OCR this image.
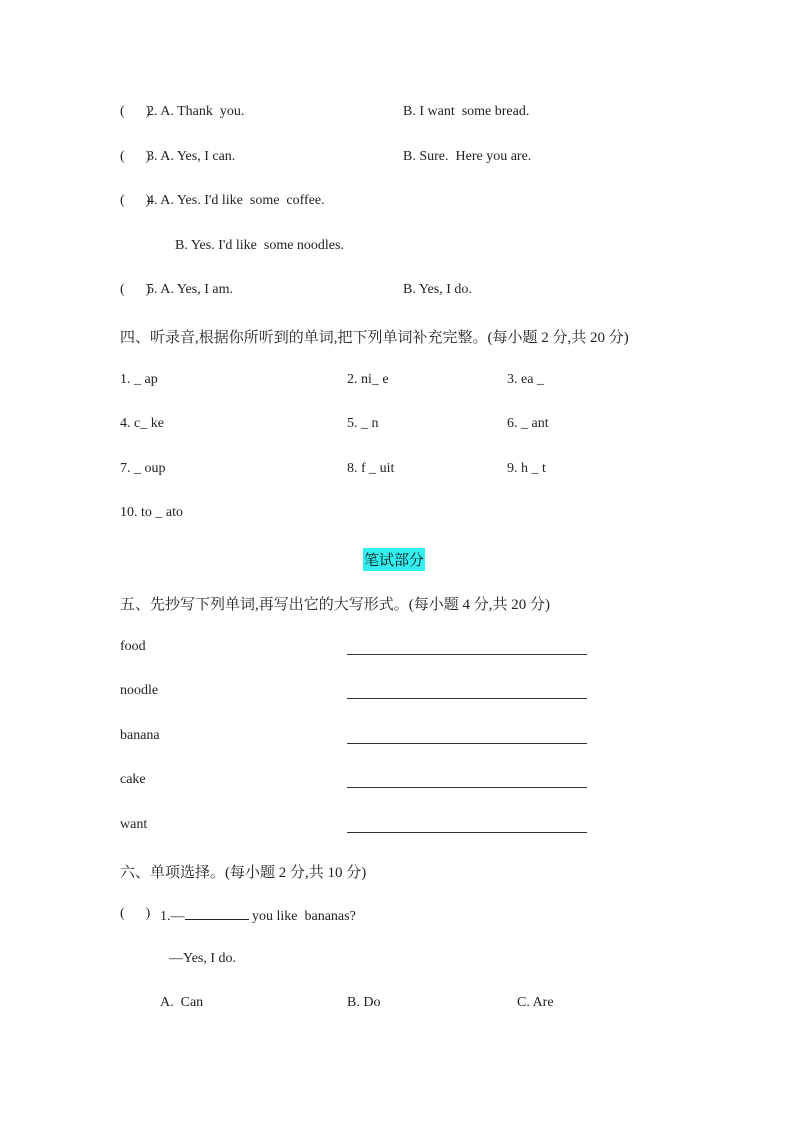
(      )
2. A. Thank  you.	B. I want  some bread.
(      )
3. A. Yes, I can.	B. Sure.  Here you are.
(      )
4. A. Yes. I'd like  some  coffee.
B. Yes. I'd like  some noodles.
(      )
5. A. Yes, I am.	B. Yes, I do.
四、听录音,根据你所听到的单词,把下列单词补充完整。(每小题 2 分,共 20 分)
1. _ ap	2. ni_ e	3. ea _
4. c_ ke	5. _ n	6. _ ant
7. _ oup	8. f _ uit	9. h _ t
10. to _ ato
笔试部分
五、先抄写下列单词,再写出它的大写形式。(每小题 4 分,共 20 分)
food
noodle
banana
cake
want
六、单项选择。(每小题 2 分,共 10 分)
(      ) 1.—	you like  bananas?
—Yes, I do.
A.  Can	B. Do	C. Are
